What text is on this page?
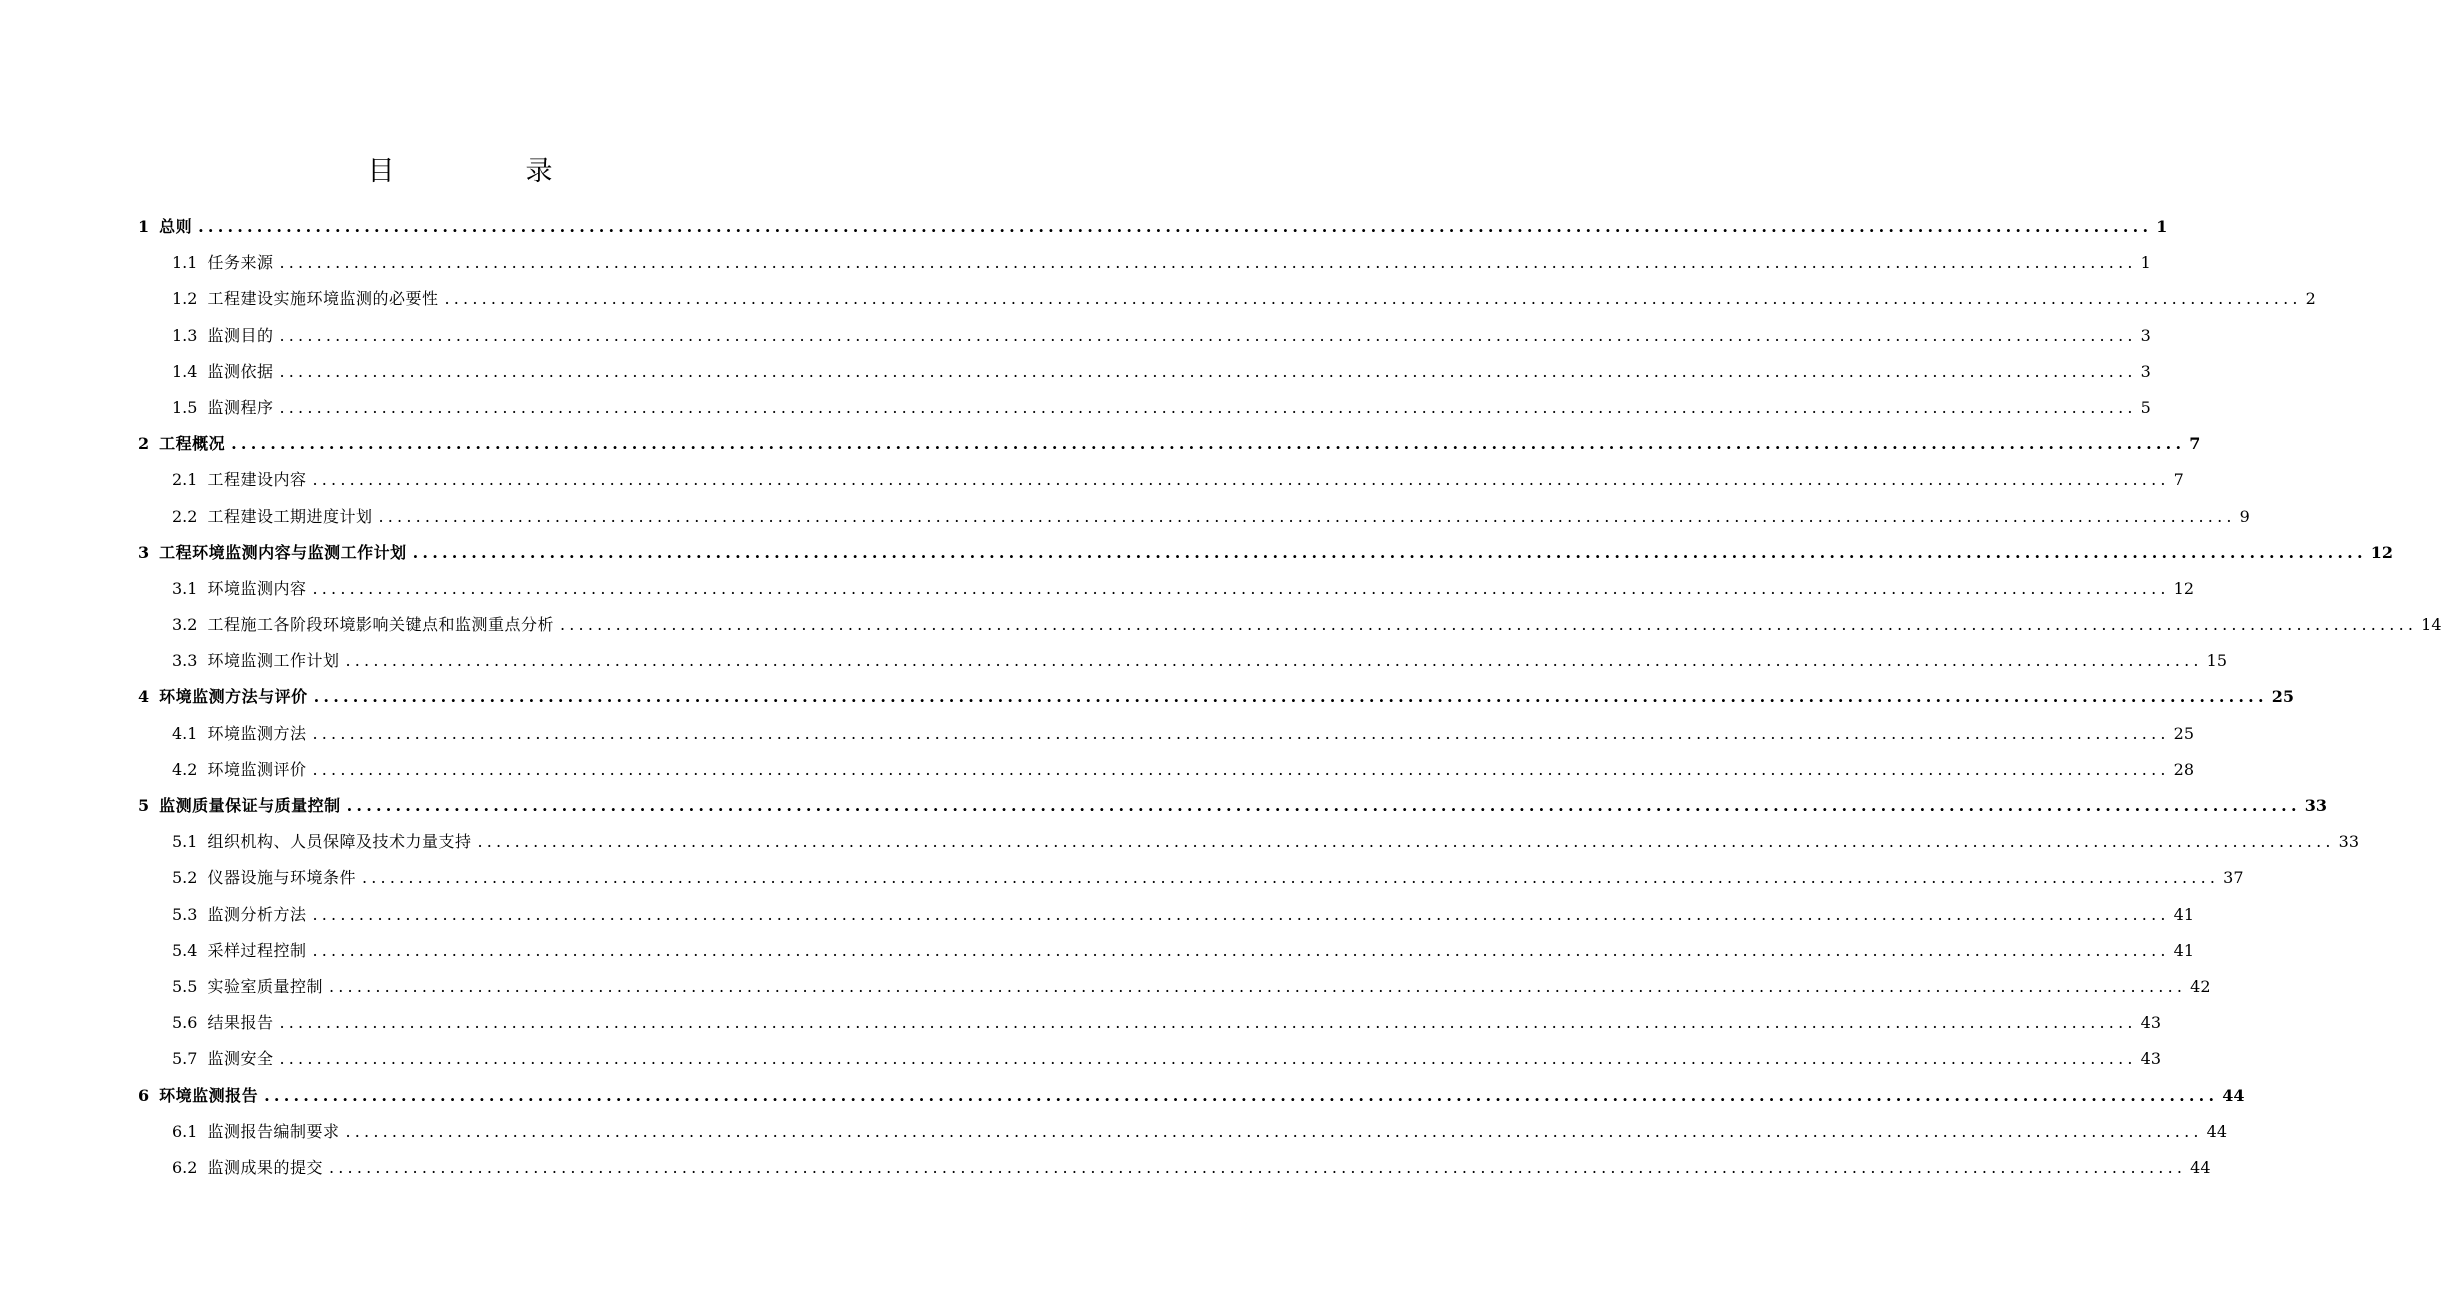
目　录
1 总则 ........................................................................................................................................................................................................ 1
1.1 任务来源 ........................................................................................................................................................................................................ 1
1.2 工程建设实施环境监测的必要性 ........................................................................................................................................................................................................ 2
1.3 监测目的 ........................................................................................................................................................................................................ 3
1.4 监测依据 ........................................................................................................................................................................................................ 3
1.5 监测程序 ........................................................................................................................................................................................................ 5
2 工程概况 ........................................................................................................................................................................................................ 7
2.1 工程建设内容 ........................................................................................................................................................................................................ 7
2.2 工程建设工期进度计划 ........................................................................................................................................................................................................ 9
3 工程环境监测内容与监测工作计划 ........................................................................................................................................................................................................ 12
3.1 环境监测内容 ........................................................................................................................................................................................................ 12
3.2 工程施工各阶段环境影响关键点和监测重点分析 ........................................................................................................................................................................................................ 14
3.3 环境监测工作计划 ........................................................................................................................................................................................................ 15
4 环境监测方法与评价 ........................................................................................................................................................................................................ 25
4.1 环境监测方法 ........................................................................................................................................................................................................ 25
4.2 环境监测评价 ........................................................................................................................................................................................................ 28
5 监测质量保证与质量控制 ........................................................................................................................................................................................................ 33
5.1 组织机构、人员保障及技术力量支持 ........................................................................................................................................................................................................ 33
5.2 仪器设施与环境条件 ........................................................................................................................................................................................................ 37
5.3 监测分析方法 ........................................................................................................................................................................................................ 41
5.4 采样过程控制 ........................................................................................................................................................................................................ 41
5.5 实验室质量控制 ........................................................................................................................................................................................................ 42
5.6 结果报告 ........................................................................................................................................................................................................ 43
5.7 监测安全 ........................................................................................................................................................................................................ 43
6 环境监测报告 ........................................................................................................................................................................................................ 44
6.1 监测报告编制要求 ........................................................................................................................................................................................................ 44
6.2 监测成果的提交 ........................................................................................................................................................................................................ 44
